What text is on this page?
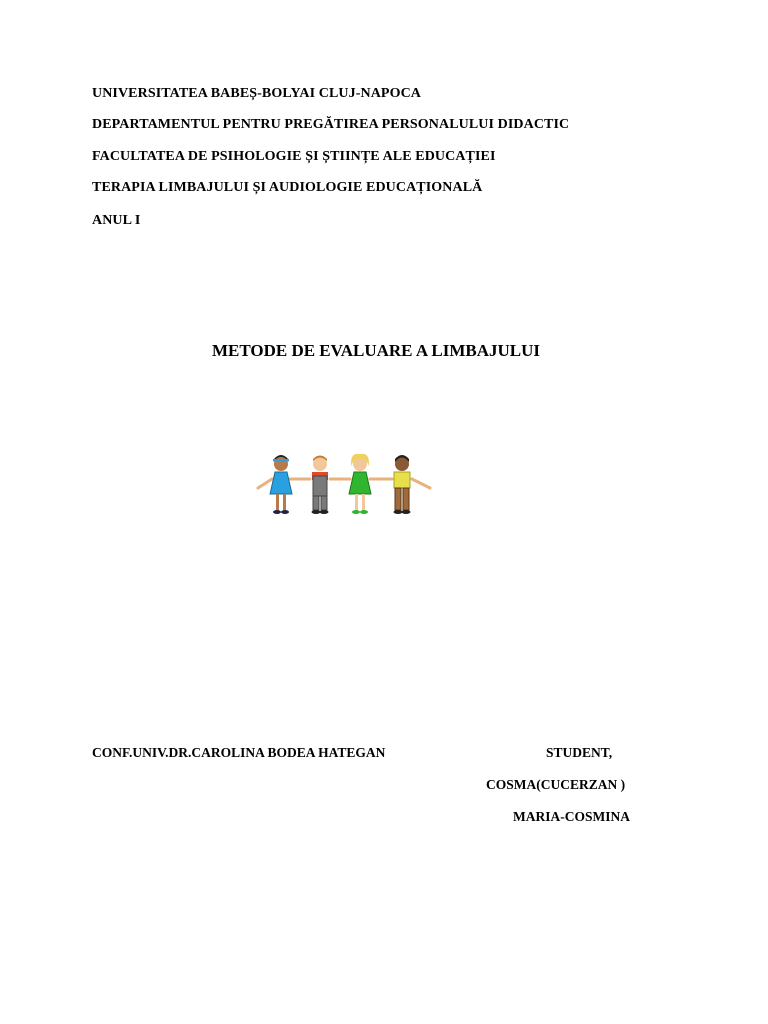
UNIVERSITATEA BABEȘ-BOLYAI CLUJ-NAPOCA
DEPARTAMENTUL PENTRU PREGĂTIREA PERSONALULUI DIDACTIC
FACULTATEA DE PSIHOLOGIE ȘI ȘTIINȚE ALE EDUCAȚIEI
TERAPIA LIMBAJULUI ȘI AUDIOLOGIE EDUCAȚIONALĂ
ANUL I
METODE DE EVALUARE A LIMBAJULUI
CONF.UNIV.DR.CAROLINA BODEA HATEGAN	STUDENT,
COSMA(CUCERZAN )
MARIA-COSMINA
